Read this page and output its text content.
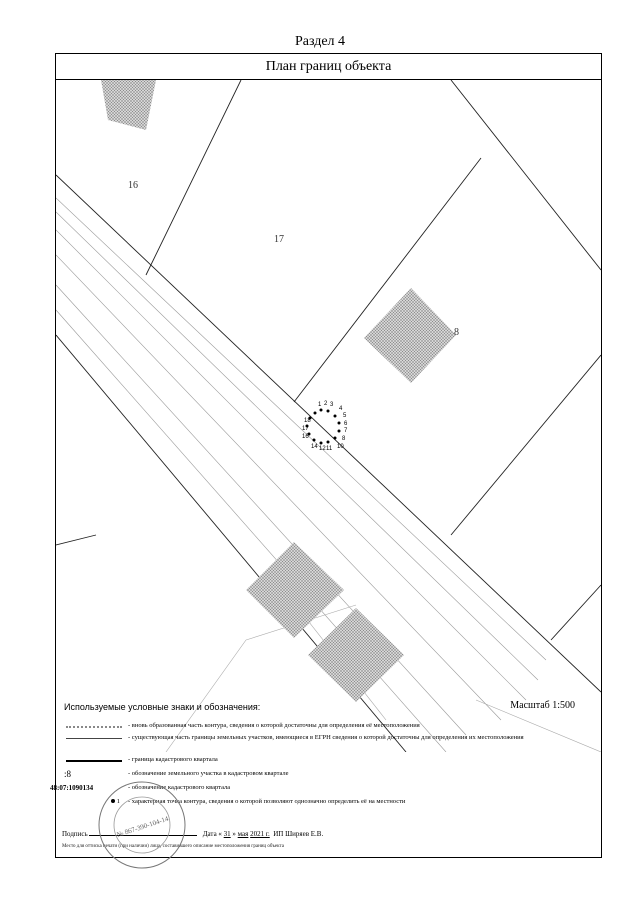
Раздел 4
План границ объекта
16
17
8
1 2 3
4
5
6
7
8
10
11
12
14
16
17
18
Используемые условные знаки и обозначения:	Масштаб 1:500
- вновь образованная часть контура, сведения о которой достаточны для определения её местоположения
- существующая часть границы земельных участков, имеющиеся в ЕГРН сведения о которой достаточны для определения их местоположения
- граница кадастрового квартала
:8	- обозначение земельного участка в кадастровом квартале
48:07:1090134	- обозначение кадастрового квартала
1	- характерная точка контура, сведения о которой позволяют однозначно определить её на местности
Подпись	Дата « 31 » мая 2021 г. ИП Ширяев Е.В.
Место для оттиска печати (при наличии) лица, составившего описание местоположения границ объекта
№ 867-390-104-14
